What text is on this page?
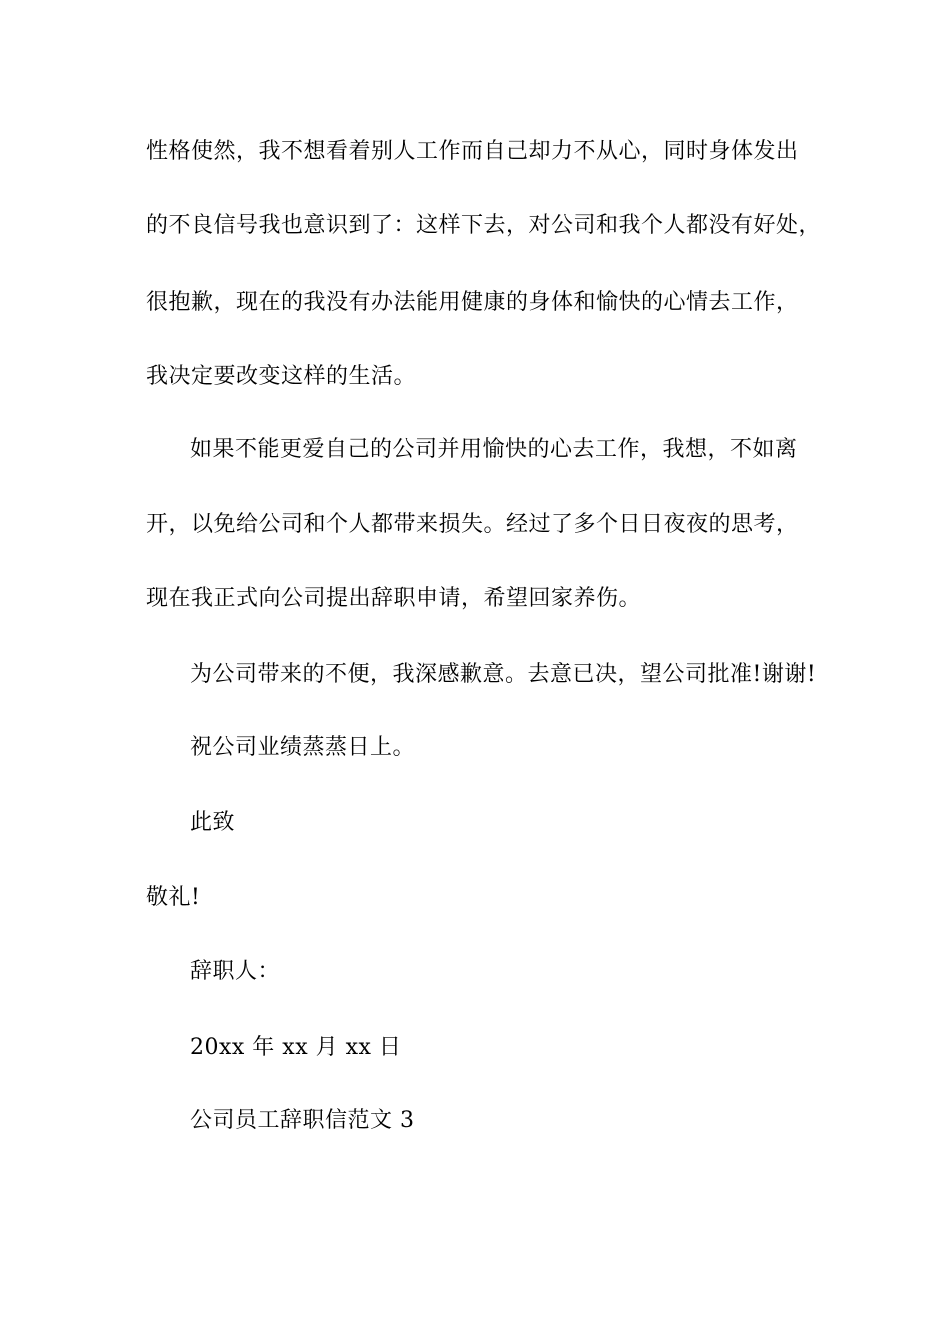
性格使然，我不想看着别人工作而自己却力不从心，同时身体发出
的不良信号我也意识到了：这样下去，对公司和我个人都没有好处，
很抱歉，现在的我没有办法能用健康的身体和愉快的心情去工作，
我决定要改变这样的生活。
如果不能更爱自己的公司并用愉快的心去工作，我想，不如离
开，以免给公司和个人都带来损失。经过了多个日日夜夜的思考，
现在我正式向公司提出辞职申请，希望回家养伤。
为公司带来的不便，我深感歉意。去意已决，望公司批准!谢谢!
祝公司业绩蒸蒸日上。
此致
敬礼!
辞职人：
20xx 年 xx 月 xx 日
公司员工辞职信范文 3
